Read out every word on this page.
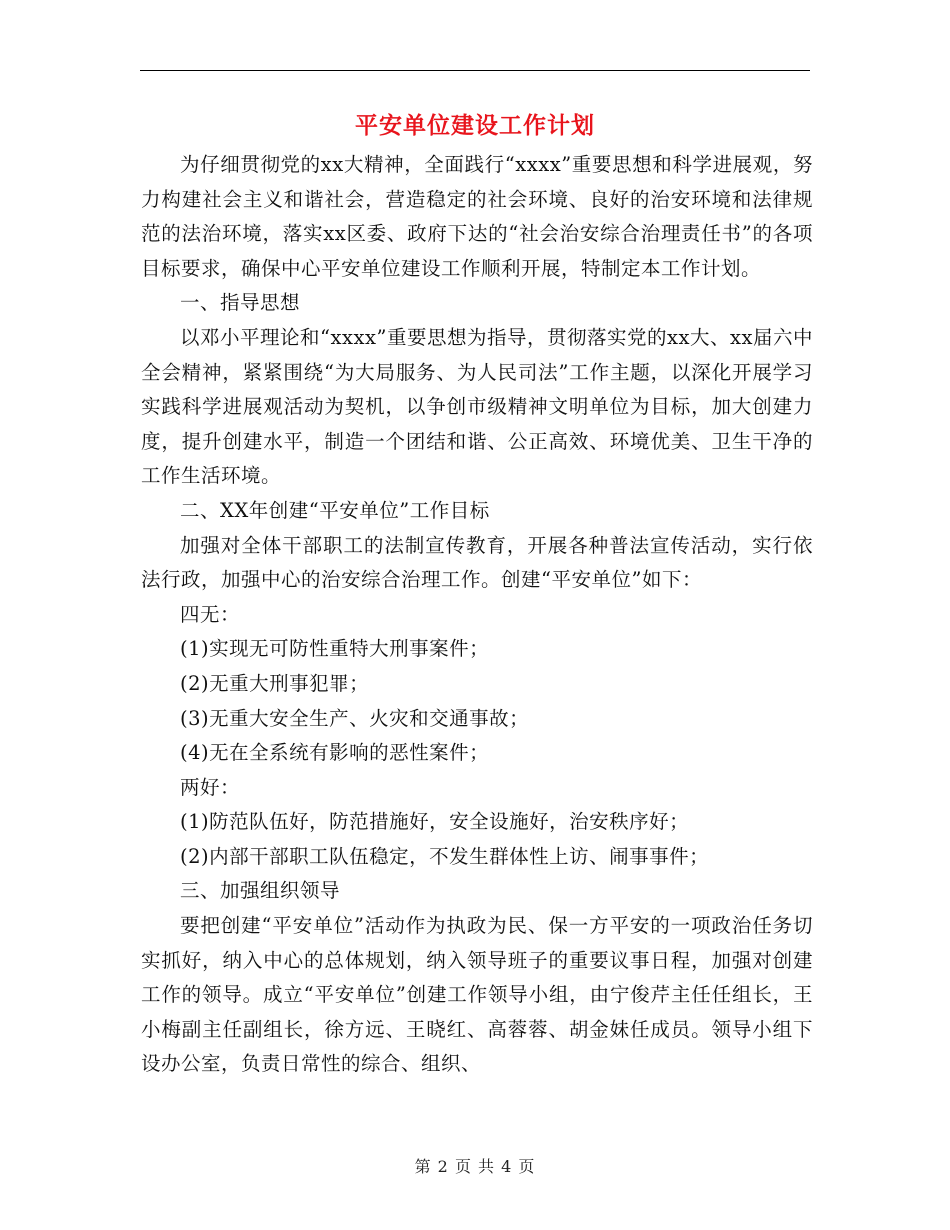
平安单位建设工作计划

为仔细贯彻党的xx大精神，全面践行“xxxx”重要思想和科学进展观，努力构建社会主义和谐社会，营造稳定的社会环境、良好的治安环境和法律规范的法治环境，落实xx区委、政府下达的“社会治安综合治理责任书”的各项目标要求，确保中心平安单位建设工作顺利开展，特制定本工作计划。

一、指导思想

以邓小平理论和“xxxx”重要思想为指导，贯彻落实党的xx大、xx届六中全会精神，紧紧围绕“为大局服务、为人民司法”工作主题，以深化开展学习实践科学进展观活动为契机，以争创市级精神文明单位为目标，加大创建力度，提升创建水平，制造一个团结和谐、公正高效、环境优美、卫生干净的工作生活环境。

二、XX年创建“平安单位”工作目标

加强对全体干部职工的法制宣传教育，开展各种普法宣传活动，实行依法行政，加强中心的治安综合治理工作。创建“平安单位”如下：

四无：

(1)实现无可防性重特大刑事案件；

(2)无重大刑事犯罪；

(3)无重大安全生产、火灾和交通事故；

(4)无在全系统有影响的恶性案件；

两好：

(1)防范队伍好，防范措施好，安全设施好，治安秩序好；

(2)内部干部职工队伍稳定，不发生群体性上访、闹事事件；

三、加强组织领导

要把创建“平安单位”活动作为执政为民、保一方平安的一项政治任务切实抓好，纳入中心的总体规划，纳入领导班子的重要议事日程，加强对创建工作的领导。成立“平安单位”创建工作领导小组，由宁俊芹主任任组长，王小梅副主任副组长，徐方远、王晓红、高蓉蓉、胡金妹任成员。领导小组下设办公室，负责日常性的综合、组织、

第 2 页 共 4 页
